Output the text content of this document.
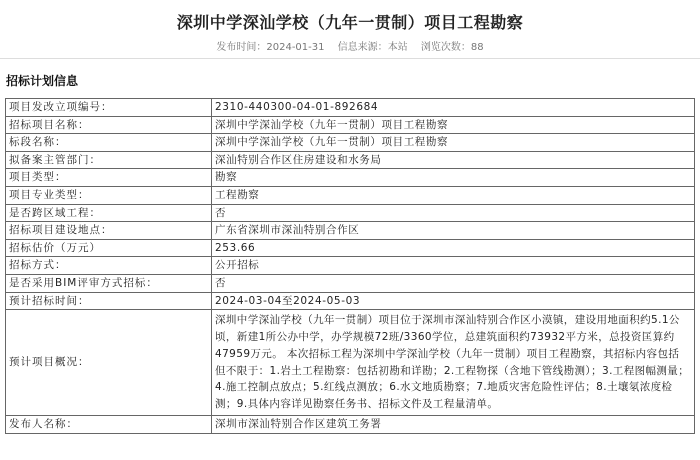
深圳中学深汕学校（九年一贯制）项目工程勘察
发布时间：2024-01-31 信息来源：本站 浏览次数：88
招标计划信息
项目发改立项编号：	2310-440300-04-01-892684
招标项目名称：	深圳中学深汕学校（九年一贯制）项目工程勘察
标段名称：	深圳中学深汕学校（九年一贯制）项目工程勘察
拟备案主管部门：	深汕特别合作区住房建设和水务局
项目类型：	勘察
项目专业类型：	工程勘察
是否跨区域工程：	否
招标项目建设地点：	广东省深圳市深汕特别合作区
招标估价（万元）	253.66
招标方式：	公开招标
是否采用BIM评审方式招标：	否
预计招标时间：	2024-03-04至2024-05-03
预计项目概况：	深圳中学深汕学校（九年一贯制）项目位于深圳市深汕特别合作区小漠镇，建设用地面积约5.1公顷，新建1所公办中学，办学规模72班/3360学位，总建筑面积约73932平方米，总投资匡算约47959万元。 本次招标工程为深圳中学深汕学校（九年一贯制）项目工程勘察，其招标内容包括但不限于：1.岩土工程勘察：包括初勘和详勘；2.工程物探（含地下管线勘测）；3.工程图幅测量；4.施工控制点放点；5.红线点测放；6.水文地质勘察；7.地质灾害危险性评估；8.土壤氡浓度检测；9.具体内容详见勘察任务书、招标文件及工程量清单。
发布人名称：	深圳市深汕特别合作区建筑工务署
